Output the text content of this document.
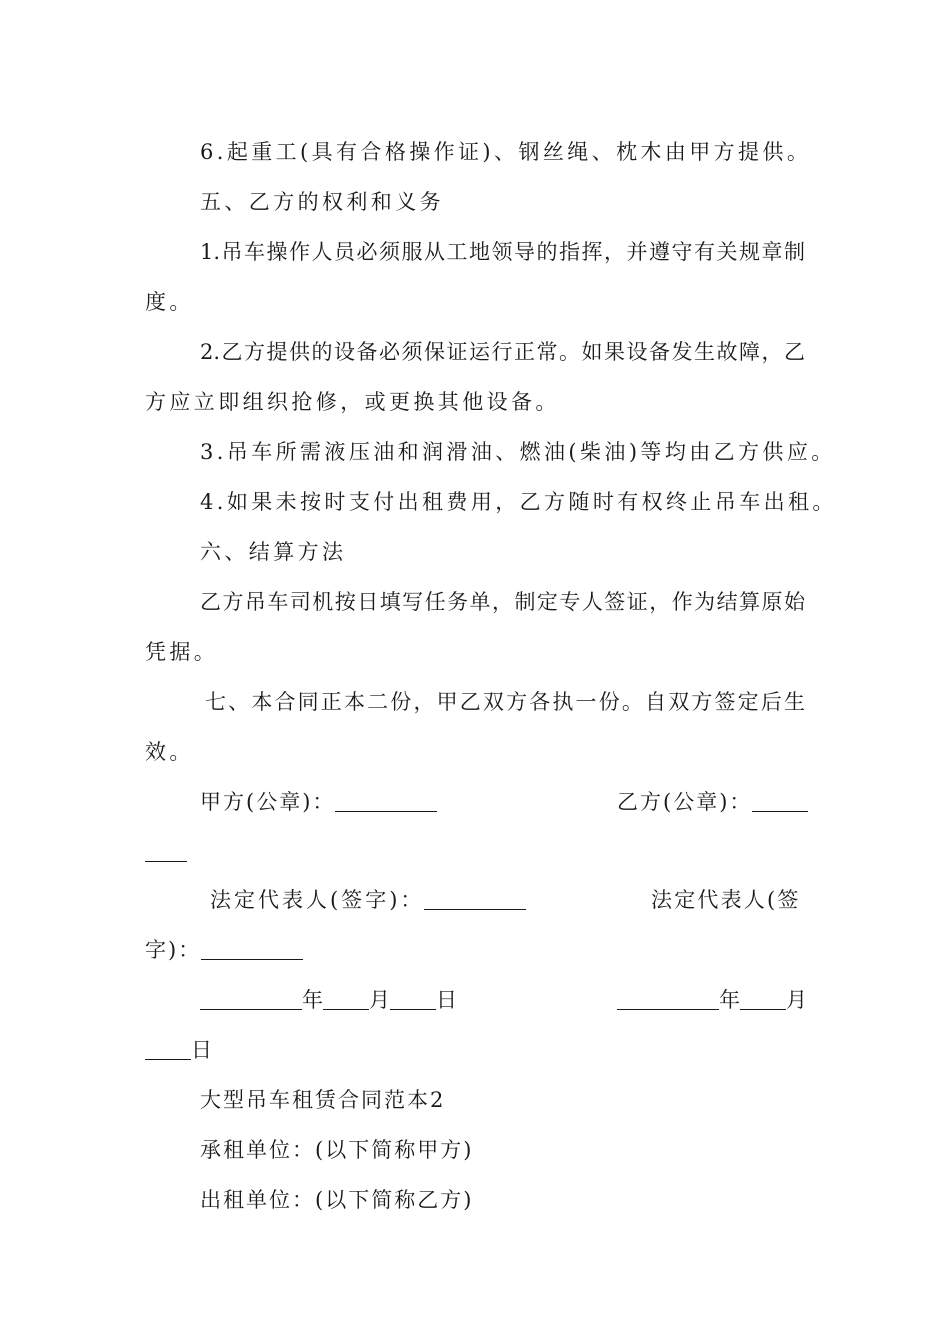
6.起重工(具有合格操作证)、钢丝绳、枕木由甲方提供。
五、乙方的权利和义务
1.吊车操作人员必须服从工地领导的指挥，并遵守有关规章制
度。
2.乙方提供的设备必须保证运行正常。如果设备发生故障，乙
方应立即组织抢修，或更换其他设备。
3.吊车所需液压油和润滑油、燃油(柴油)等均由乙方供应。
4.如果未按时支付出租费用，乙方随时有权终止吊车出租。
六、结算方法
乙方吊车司机按日填写任务单，制定专人签证，作为结算原始
凭据。
七、本合同正本二份，甲乙双方各执一份。自双方签定后生
效。
甲方(公章)：	乙方(公章)：
法定代表人(签字)：	法定代表人(签
字)：
年 月 日	年 月
日
大型吊车租赁合同范本2
承租单位：(以下简称甲方)
出租单位：(以下简称乙方)
